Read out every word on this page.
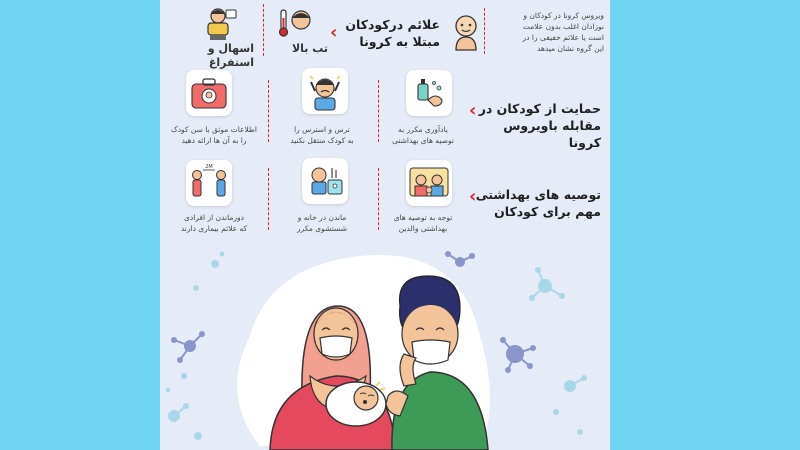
ویروس کرونا در کودکان و
نوزادان اغلب بدون علامت
است یا علائم خفیفی را در
این گروه نشان میدهد
علائم درکودکان
مبتلا به کرونا
‹
تب بالا
اسهال و استفراغ
حمایت از کودکان در
مقابله باویروس کرونا
‹
یادآوری مکرر به
توصیه های بهداشتی
ترس و استرس را
به کودک منتقل نکنید
اطلاعات موثق با سن کودک
را به آن ها ارائه دهید
توصیه های بهداشتی
مهم برای کودکان
‹
توجه به توصیه های
بهداشتی والدین
ماندن در خانه و
شستشوی مکرر
2M
دورماندن از افرادی
که علائم بیماری دارند
